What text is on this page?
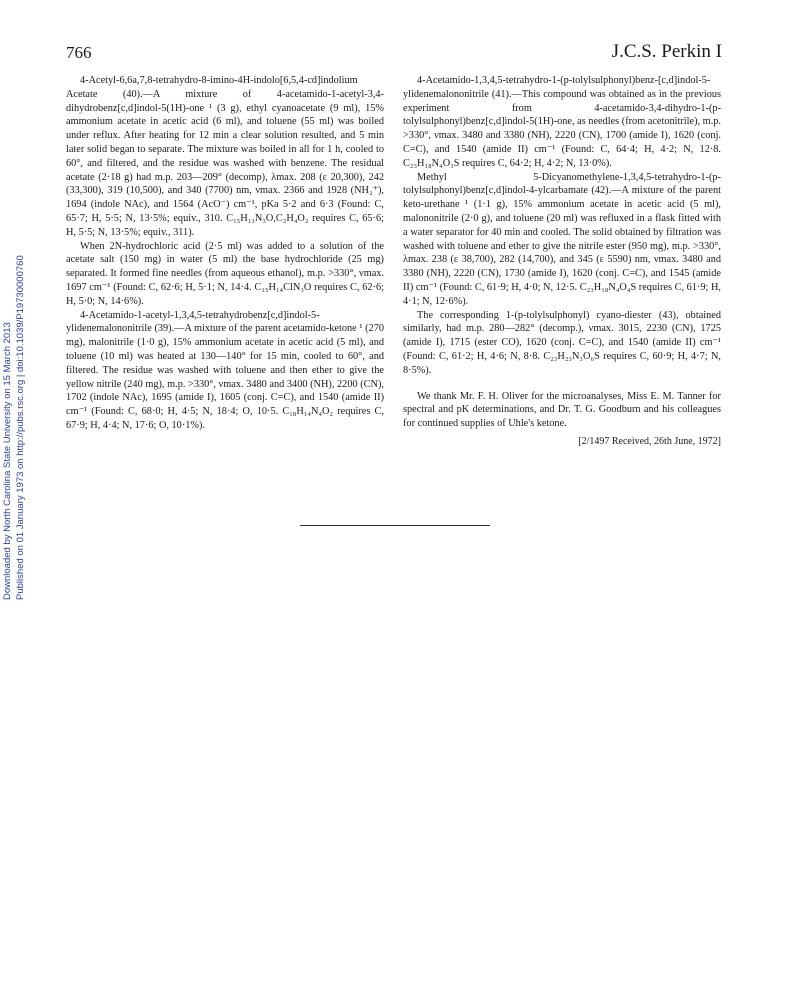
Downloaded by North Carolina State University on 15 March 2013 Published on 01 January 1973 on http://pubs.rsc.org | doi:10.1039/P19730000760
766	J.C.S. Perkin I

4-Acetyl-6,6a,7,8-tetrahydro-8-imino-4H-indolo[6,5,4-cd]indolium Acetate (40).—A mixture of 4-acetamido-1-acetyl-3,4-dihydrobenz[c,d]indol-5(1H)-one ¹ (3 g), ethyl cyanoacetate (9 ml), 15% ammonium acetate in acetic acid (6 ml), and toluene (55 ml) was boiled under reflux. After heating for 12 min a clear solution resulted, and 5 min later solid began to separate. The mixture was boiled in all for 1 h, cooled to 60°, and filtered, and the residue was washed with benzene. The residual acetate (2·18 g) had m.p. 203—209° (decomp), λmax. 208 (ε 20,300), 242 (33,300), 319 (10,500), and 340 (7700) nm, νmax. 2366 and 1928 (NH₂⁺), 1694 (indole NAc), and 1564 (AcO⁻) cm⁻¹, pKa 5·2 and 6·3 (Found: C, 65·7; H, 5·5; N, 13·5%; equiv., 310. C₁₅H₁₃N₃O,C₂H₄O₂ requires C, 65·6; H, 5·5; N, 13·5%; equiv., 311).

When 2N-hydrochloric acid (2·5 ml) was added to a solution of the acetate salt (150 mg) in water (5 ml) the base hydrochloride (25 mg) separated. It formed fine needles (from aqueous ethanol), m.p. >330°, νmax. 1697 cm⁻¹ (Found: C, 62·6; H, 5·1; N, 14·4. C₁₅H₁₄ClN₃O requires C, 62·6; H, 5·0; N, 14·6%).

4-Acetamido-1-acetyl-1,3,4,5-tetrahydrobenz[c,d]indol-5-ylidenemalononitrile (39).—A mixture of the parent acetamido-ketone ¹ (270 mg), malonitrile (1·0 g), 15% ammonium acetate in acetic acid (5 ml), and toluene (10 ml) was heated at 130—140° for 15 min, cooled to 60°, and filtered. The residue was washed with toluene and then ether to give the yellow nitrile (240 mg), m.p. >330°, νmax. 3480 and 3400 (NH), 2200 (CN), 1702 (indole NAc), 1695 (amide I), 1605 (conj. C=C), and 1540 (amide II) cm⁻¹ (Found: C, 68·0; H, 4·5; N, 18·4; O, 10·5. C₁₈H₁₄N₄O₂ requires C, 67·9; H, 4·4; N, 17·6; O, 10·1%).

4-Acetamido-1,3,4,5-tetrahydro-1-(p-tolylsulphonyl)benz-[c,d]indol-5-ylidenemalononitrile (41).—This compound was obtained as in the previous experiment from 4-acetamido-3,4-dihydro-1-(p-tolylsulphonyl)benz[c,d]indol-5(1H)-one, as needles (from acetonitrile), m.p. >330°, νmax. 3480 and 3380 (NH), 2220 (CN), 1700 (amide I), 1620 (conj. C=C), and 1540 (amide II) cm⁻¹ (Found: C, 64·4; H, 4·2; N, 12·8. C₂₃H₁₈N₄O₃S requires C, 64·2; H, 4·2; N, 13·0%).

Methyl 5-Dicyanomethylene-1,3,4,5-tetrahydro-1-(p-tolylsulphonyl)benz[c,d]indol-4-ylcarbamate (42).—A mixture of the parent keto-urethane ¹ (1·1 g), 15% ammonium acetate in acetic acid (5 ml), malononitrile (2·0 g), and toluene (20 ml) was refluxed in a flask fitted with a water separator for 40 min and cooled. The solid obtained by filtration was washed with toluene and ether to give the nitrile ester (950 mg), m.p. >330°, λmax. 238 (ε 38,700), 282 (14,700), and 345 (ε 5590) nm, νmax. 3480 and 3380 (NH), 2220 (CN), 1730 (amide I), 1620 (conj. C=C), and 1545 (amide II) cm⁻¹ (Found: C, 61·9; H, 4·0; N, 12·5. C₂₃H₁₈N₄O₄S requires C, 61·9; H, 4·1; N, 12·6%).

The corresponding 1-(p-tolylsulphonyl) cyano-diester (43), obtained similarly, had m.p. 280—282° (decomp.), νmax. 3015, 2230 (CN), 1725 (amide I), 1715 (ester CO), 1620 (conj. C=C), and 1540 (amide II) cm⁻¹ (Found: C, 61·2; H, 4·6; N, 8·8. C₂₃H₂₃N₃O₆S requires C, 60·9; H, 4·7; N, 8·5%).

We thank Mr. F. H. Oliver for the microanalyses, Miss E. M. Tanner for spectral and pK determinations, and Dr. T. G. Goodburn and his colleagues for continued supplies of Uhle's ketone.

[2/1497 Received, 26th June, 1972]
